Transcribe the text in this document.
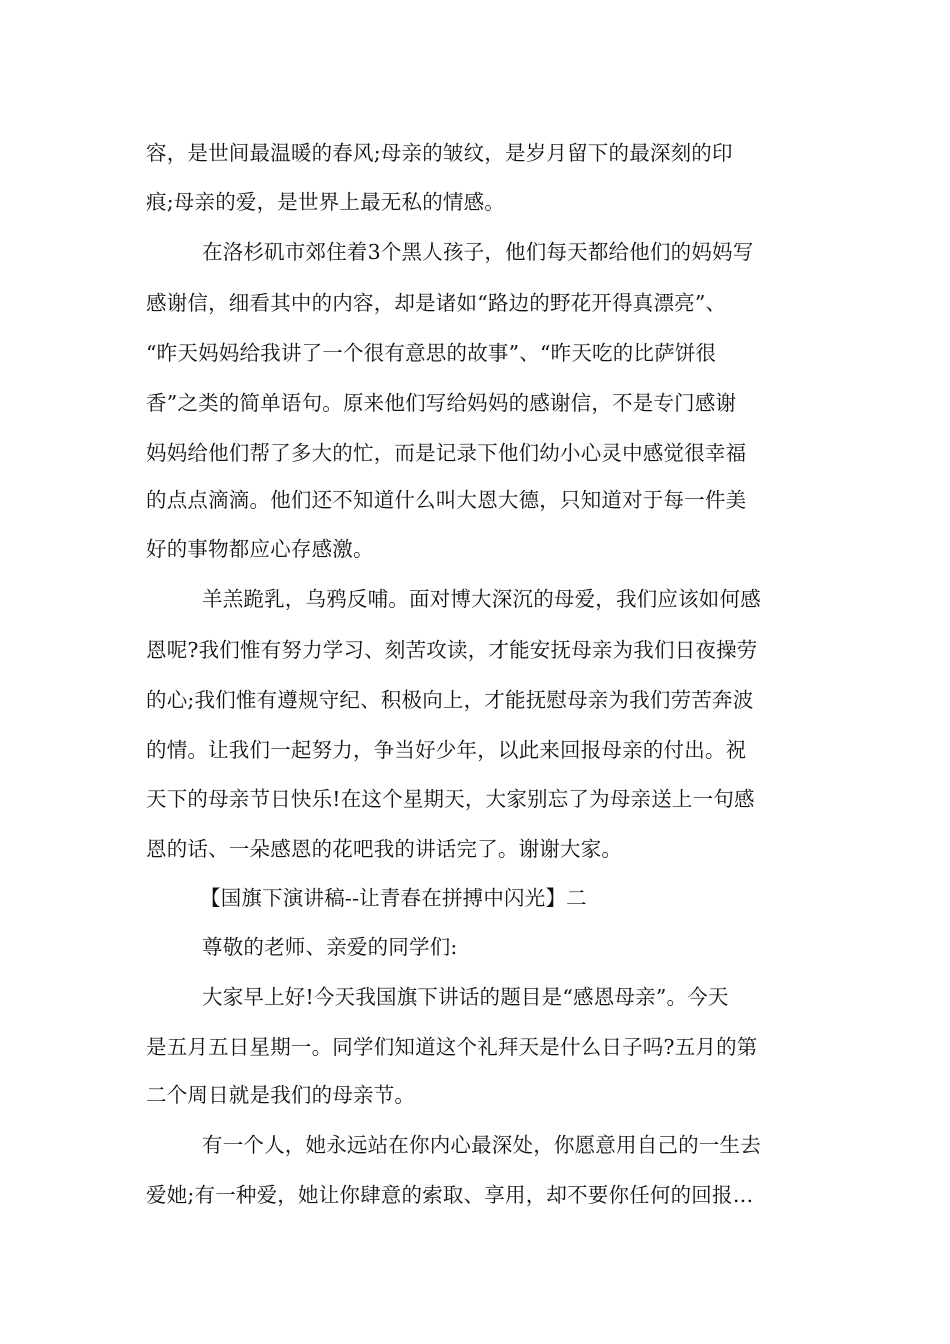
容，是世间最温暖的春风;母亲的皱纹，是岁月留下的最深刻的印
痕;母亲的爱，是世界上最无私的情感。
在洛杉矶市郊住着3个黑人孩子，他们每天都给他们的妈妈写
感谢信，细看其中的内容，却是诸如“路边的野花开得真漂亮”、
“昨天妈妈给我讲了一个很有意思的故事”、“昨天吃的比萨饼很
香”之类的简单语句。原来他们写给妈妈的感谢信，不是专门感谢
妈妈给他们帮了多大的忙，而是记录下他们幼小心灵中感觉很幸福
的点点滴滴。他们还不知道什么叫大恩大德，只知道对于每一件美
好的事物都应心存感激。
羊羔跪乳，乌鸦反哺。面对博大深沉的母爱，我们应该如何感
恩呢?我们惟有努力学习、刻苦攻读，才能安抚母亲为我们日夜操劳
的心;我们惟有遵规守纪、积极向上，才能抚慰母亲为我们劳苦奔波
的情。让我们一起努力，争当好少年，以此来回报母亲的付出。祝
天下的母亲节日快乐!在这个星期天，大家别忘了为母亲送上一句感
恩的话、一朵感恩的花吧我的讲话完了。谢谢大家。
【国旗下演讲稿--让青春在拼搏中闪光】二
尊敬的老师、亲爱的同学们:
大家早上好!今天我国旗下讲话的题目是“感恩母亲”。今天
是五月五日星期一。同学们知道这个礼拜天是什么日子吗?五月的第
二个周日就是我们的母亲节。
有一个人，她永远站在你内心最深处，你愿意用自己的一生去
爱她;有一种爱，她让你肆意的索取、享用，却不要你任何的回报…
